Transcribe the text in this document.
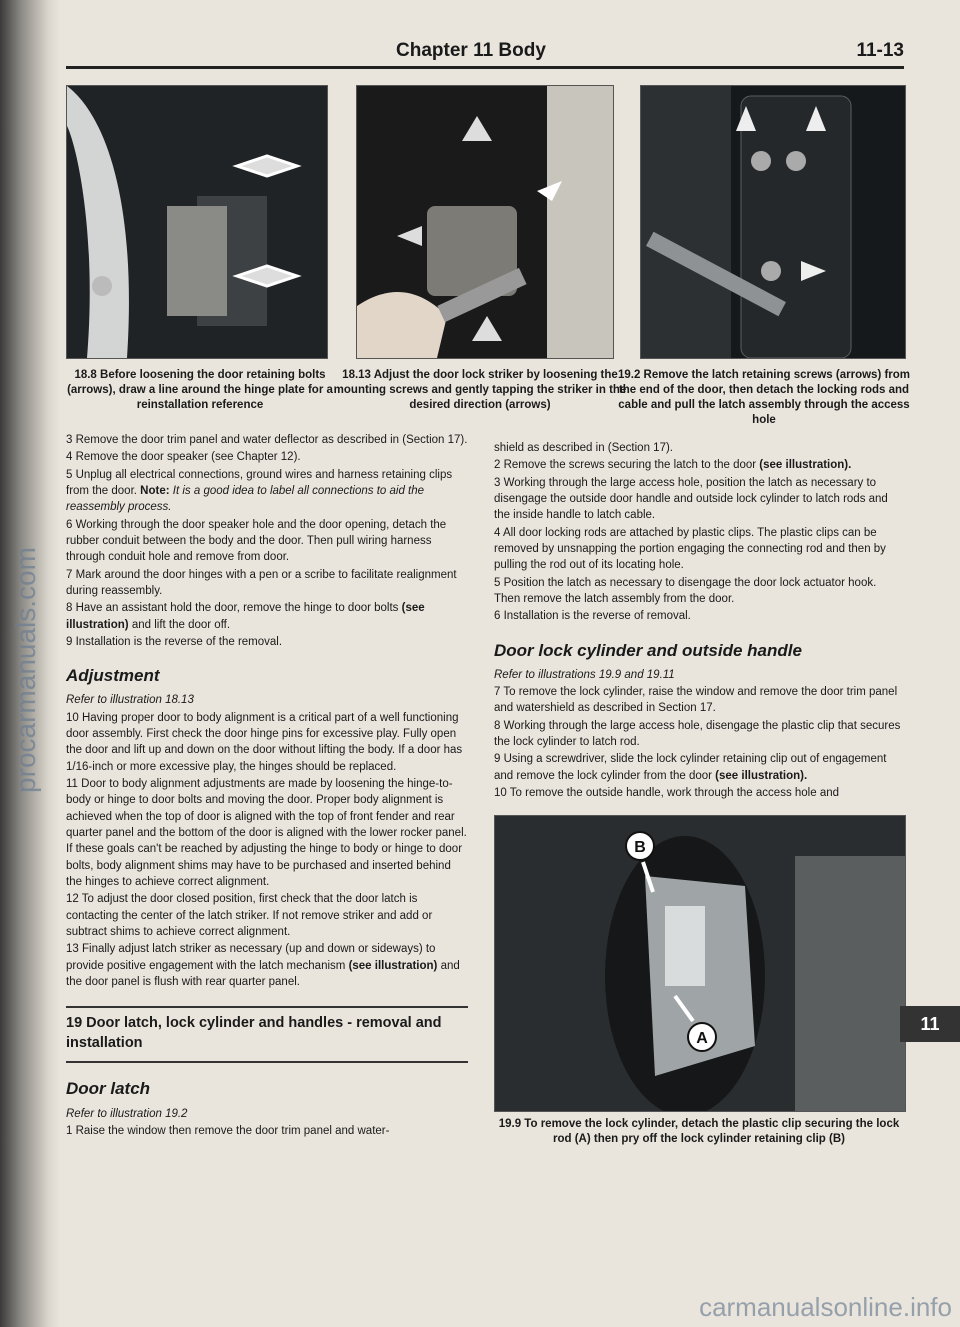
procarmanuals.com
Chapter 11 Body	11-13
18.8 Before loosening the door retaining bolts (arrows), draw a line around the hinge plate for a reinstallation reference
18.13 Adjust the door lock striker by loosening the mounting screws and gently tapping the striker in the desired direction (arrows)
19.2 Remove the latch retaining screws (arrows) from the end of the door, then detach the locking rods and cable and pull the latch assembly through the access hole

3 Remove the door trim panel and water deflector as described in (Section 17).

4 Remove the door speaker (see Chapter 12).

5 Unplug all electrical connections, ground wires and harness retaining clips from the door. Note: It is a good idea to label all connections to aid the reassembly process.

6 Working through the door speaker hole and the door opening, detach the rubber conduit between the body and the door. Then pull wiring harness through conduit hole and remove from door.

7 Mark around the door hinges with a pen or a scribe to facilitate realignment during reassembly.

8 Have an assistant hold the door, remove the hinge to door bolts (see illustration) and lift the door off.

9 Installation is the reverse of the removal.

Adjustment

Refer to illustration 18.13

10 Having proper door to body alignment is a critical part of a well functioning door assembly. First check the door hinge pins for excessive play. Fully open the door and lift up and down on the door without lifting the body. If a door has 1/16-inch or more excessive play, the hinges should be replaced.

11 Door to body alignment adjustments are made by loosening the hinge-to-body or hinge to door bolts and moving the door. Proper body alignment is achieved when the top of door is aligned with the top of front fender and rear quarter panel and the bottom of the door is aligned with the lower rocker panel. If these goals can't be reached by adjusting the hinge to body or hinge to door bolts, body alignment shims may have to be purchased and inserted behind the hinges to achieve correct alignment.

12 To adjust the door closed position, first check that the door latch is contacting the center of the latch striker. If not remove striker and add or subtract shims to achieve correct alignment.

13 Finally adjust latch striker as necessary (up and down or sideways) to provide positive engagement with the latch mechanism (see illustration) and the door panel is flush with rear quarter panel.

19 Door latch, lock cylinder and handles - removal and installation
Door latch

Refer to illustration 19.2

1 Raise the window then remove the door trim panel and water-

shield as described in (Section 17).

2 Remove the screws securing the latch to the door (see illustration).

3 Working through the large access hole, position the latch as necessary to disengage the outside door handle and outside lock cylinder to latch rods and the inside handle to latch cable.

4 All door locking rods are attached by plastic clips. The plastic clips can be removed by unsnapping the portion engaging the connecting rod and then by pulling the rod out of its locating hole.

5 Position the latch as necessary to disengage the door lock actuator hook. Then remove the latch assembly from the door.

6 Installation is the reverse of removal.

Door lock cylinder and outside handle

Refer to illustrations 19.9 and 19.11

7 To remove the lock cylinder, raise the window and remove the door trim panel and watershield as described in Section 17.

8 Working through the large access hole, disengage the plastic clip that secures the lock cylinder to latch rod.

9 Using a screwdriver, slide the lock cylinder retaining clip out of engagement and remove the lock cylinder from the door (see illustration).

10 To remove the outside handle, work through the access hole and

B
A
19.9 To remove the lock cylinder, detach the plastic clip securing the lock rod (A) then pry off the lock cylinder retaining clip (B)
11
carmanualsonline.info
